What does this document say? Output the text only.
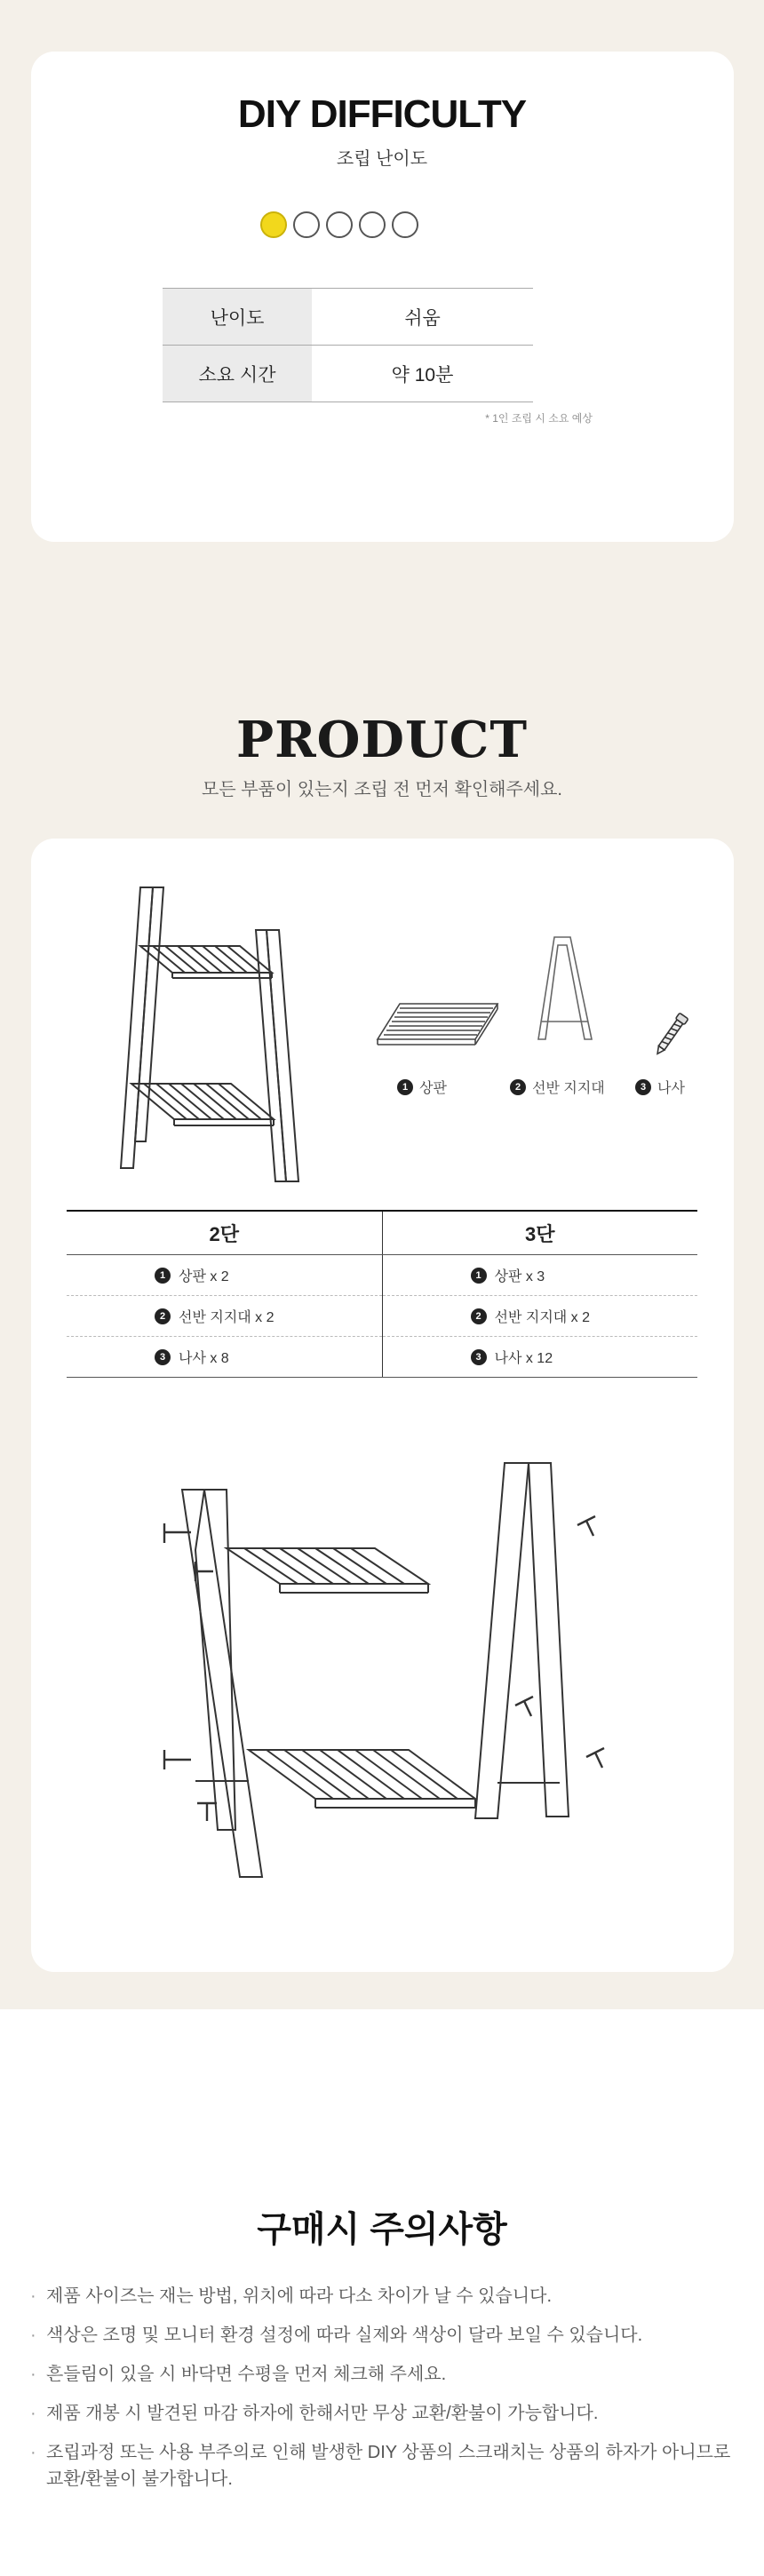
DIY DIFFICULTY
조립 난이도
난이도	쉬움
소요 시간	약 10분
* 1인 조립 시 소요 예상
PRODUCT
모든 부품이 있는지 조립 전 먼저 확인해주세요.
1 상판	2 선반 지지대	3 나사
2단	3단

1 상판 x 2	1 상판 x 3

2 선반 지지대 x 2	2 선반 지지대 x 2

3 나사 x 8	3 나사 x 12
구매시 주의사항
· 제품 사이즈는 재는 방법, 위치에 따라 다소 차이가 날 수 있습니다.
· 색상은 조명 및 모니터 환경 설정에 따라 실제와 색상이 달라 보일 수 있습니다.
· 흔들림이 있을 시 바닥면 수평을 먼저 체크해 주세요.
· 제품 개봉 시 발견된 마감 하자에 한해서만 무상 교환/환불이 가능합니다.
· 조립과정 또는 사용 부주의로 인해 발생한 DIY 상품의 스크래치는 상품의 하자가 아니므로 교환/환불이 불가합니다.
